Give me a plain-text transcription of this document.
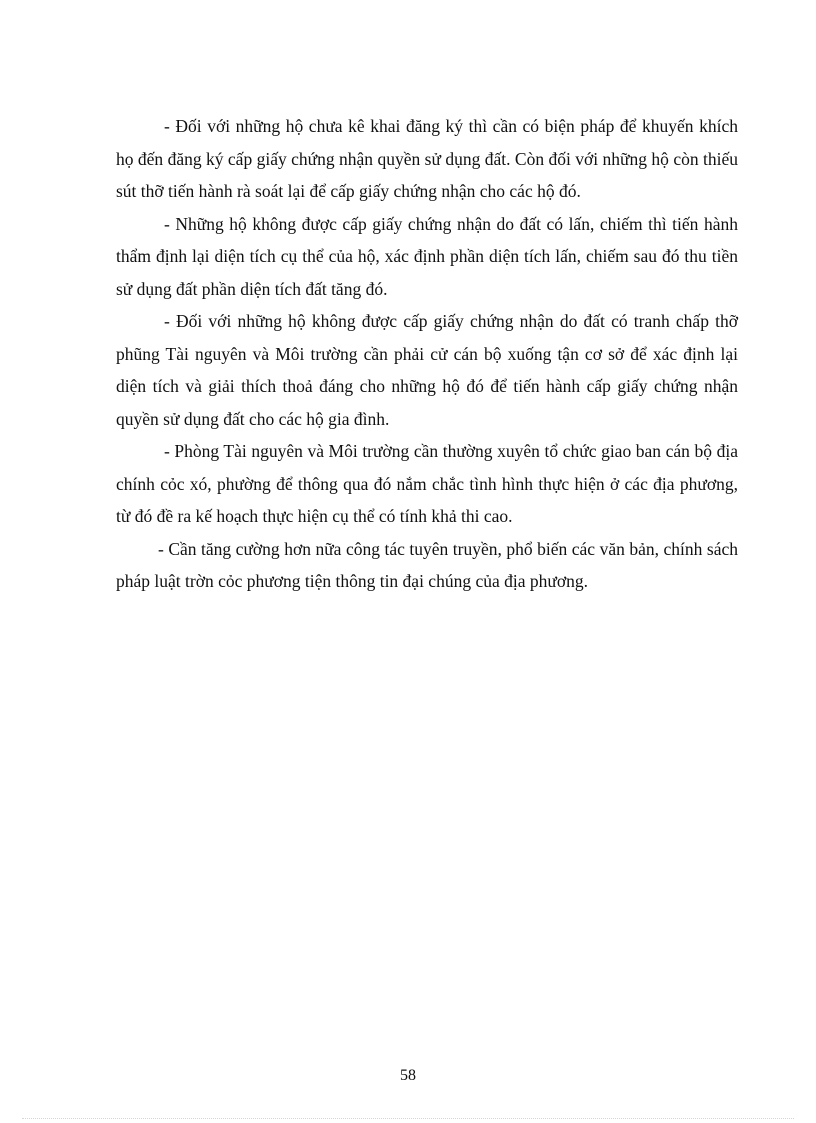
- Đối với những hộ chưa kê khai đăng ký thì cần có biện pháp để khuyến khích họ đến đăng ký cấp giấy chứng nhận quyền sử dụng đất. Còn đối với những hộ còn thiếu sút thỡ tiến hành rà soát lại để cấp giấy chứng nhận cho các hộ đó.

- Những hộ không được cấp giấy chứng nhận do đất có lấn, chiếm thì tiến hành thẩm định lại diện tích cụ thể của hộ, xác định phần diện tích lấn, chiếm sau đó thu tiền sử dụng đất phần diện tích đất tăng đó.

- Đối với những hộ không được cấp giấy chứng nhận do đất có tranh chấp thỡ phũng Tài nguyên và Môi trường cần phải cử cán bộ xuống tận cơ sở để xác định lại diện tích và giải thích thoả đáng cho những hộ đó để tiến hành cấp giấy chứng nhận quyền sử dụng đất cho các hộ gia đình.

- Phòng Tài nguyên và Môi trường cần thường xuyên tổ chức giao ban cán bộ địa chính cỏc xó, phường để thông qua đó nắm chắc tình hình thực hiện ở các địa phương, từ đó đề ra kế hoạch thực hiện cụ thể có tính khả thi cao.

- Cần tăng cường hơn nữa công tác tuyên truyền, phổ biến các văn bản, chính sách pháp luật trờn cỏc phương tiện thông tin đại chúng của địa phương.

58
